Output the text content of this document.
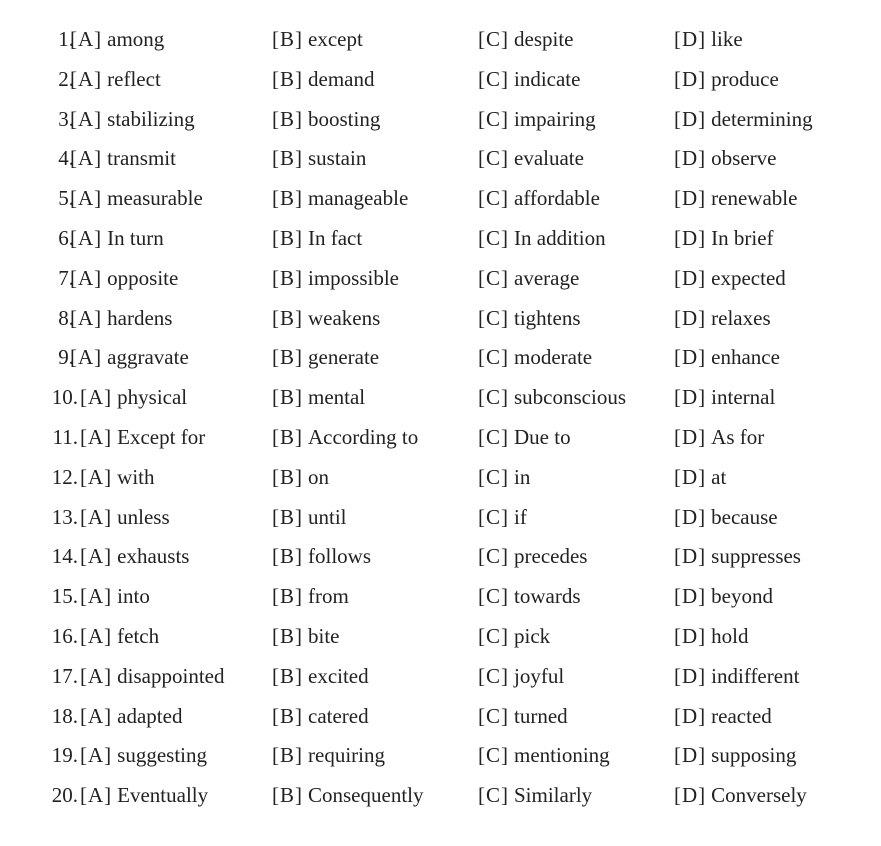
1.
[A] among	[B] except	[C] despite	[D] like
2.
[A] reflect	[B] demand	[C] indicate	[D] produce
3.
[A] stabilizing	[B] boosting	[C] impairing	[D] determining
4.
[A] transmit	[B] sustain	[C] evaluate	[D] observe
5.
[A] measurable	[B] manageable	[C] affordable	[D] renewable
6.
[A] In turn	[B] In fact	[C] In addition	[D] In brief
7.
[A] opposite	[B] impossible	[C] average	[D] expected
8.
[A] hardens	[B] weakens	[C] tightens	[D] relaxes
9.
[A] aggravate	[B] generate	[C] moderate	[D] enhance
10. [A] physical	[B] mental	[C] subconscious [D] internal
11. [A] Except for	[B] According to	[C] Due to	[D] As for
12. [A] with	[B] on	[C] in	[D] at
13. [A] unless	[B] until	[C] if	[D] because
14. [A] exhausts	[B] follows	[C] precedes	[D] suppresses
15. [A] into	[B] from	[C] towards	[D] beyond
16. [A] fetch	[B] bite	[C] pick	[D] hold
17. [A] disappointed [B] excited	[C] joyful	[D] indifferent
18. [A] adapted	[B] catered	[C] turned	[D] reacted
19. [A] suggesting	[B] requiring	[C] mentioning	[D] supposing
20. [A] Eventually	[B] Consequently	[C] Similarly	[D] Conversely
